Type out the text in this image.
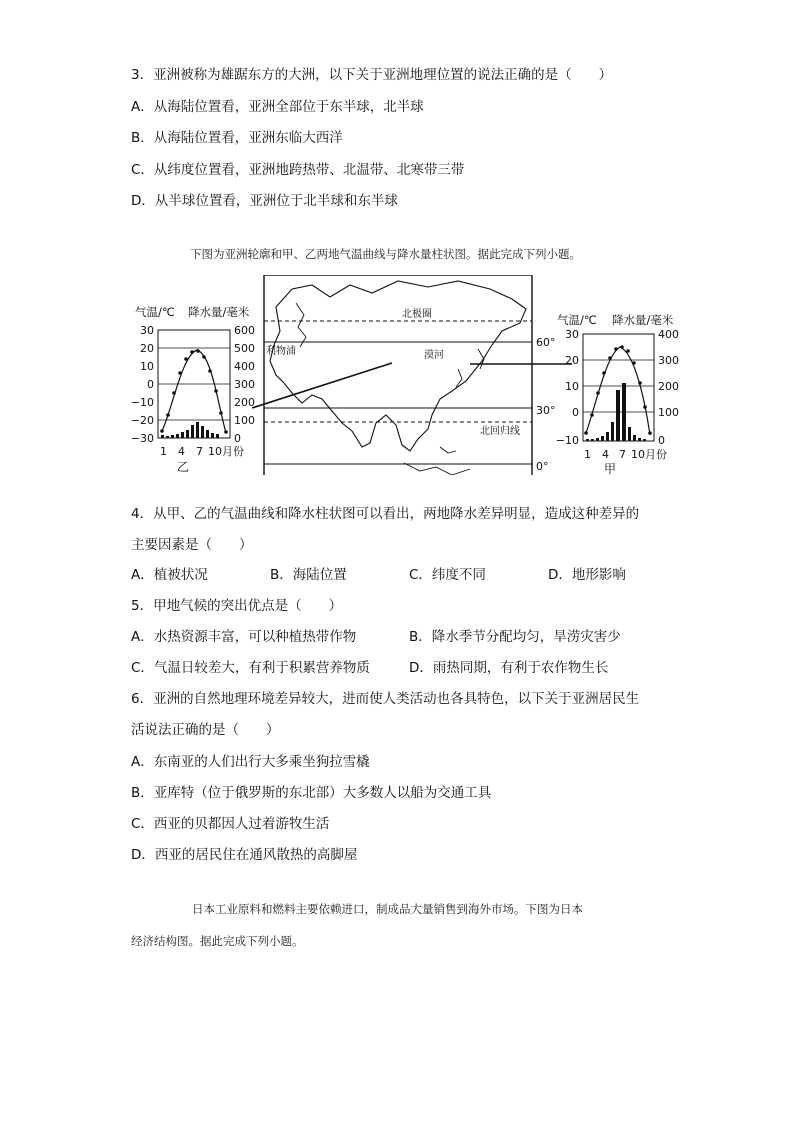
3．亚洲被称为雄踞东方的大洲，以下关于亚洲地理位置的说法正确的是（　　）
A．从海陆位置看，亚洲全部位于东半球，北半球
B．从海陆位置看，亚洲东临大西洋
C．从纬度位置看，亚洲地跨热带、北温带、北寒带三带
D．从半球位置看，亚洲位于北半球和东半球
下图为亚洲轮廓和甲、乙两地气温曲线与降水量柱状图。据此完成下列小题。
气温/℃ 降水量/毫米
30
20
10
0
−10
−20
−30
600
500
400
300
200
100
0
1 4 7 10月份
乙
北极圈
北回归线
利物浦	漠河
60°
30°
0°
气温/℃ 降水量/毫米
30
20
10
0
−10
400
300
200
100
0
1 4 7 10月份
甲
4．从甲、乙的气温曲线和降水柱状图可以看出，两地降水差异明显，造成这种差异的
主要因素是（　　）
A．植被状况	B．海陆位置	C．纬度不同	D．地形影响
5．甲地气候的突出优点是（　　）
A．水热资源丰富，可以种植热带作物	B．降水季节分配均匀，旱涝灾害少
C．气温日较差大，有利于积累营养物质	D．雨热同期，有利于农作物生长
6．亚洲的自然地理环境差异较大，进而使人类活动也各具特色，以下关于亚洲居民生
活说法正确的是（　　）
A．东南亚的人们出行大多乘坐狗拉雪橇
B．亚库特（位于俄罗斯的东北部）大多数人以船为交通工具
C．西亚的贝都因人过着游牧生活
D．西亚的居民住在通风散热的高脚屋
日本工业原料和燃料主要依赖进口，制成品大量销售到海外市场。下图为日本
经济结构图。据此完成下列小题。
